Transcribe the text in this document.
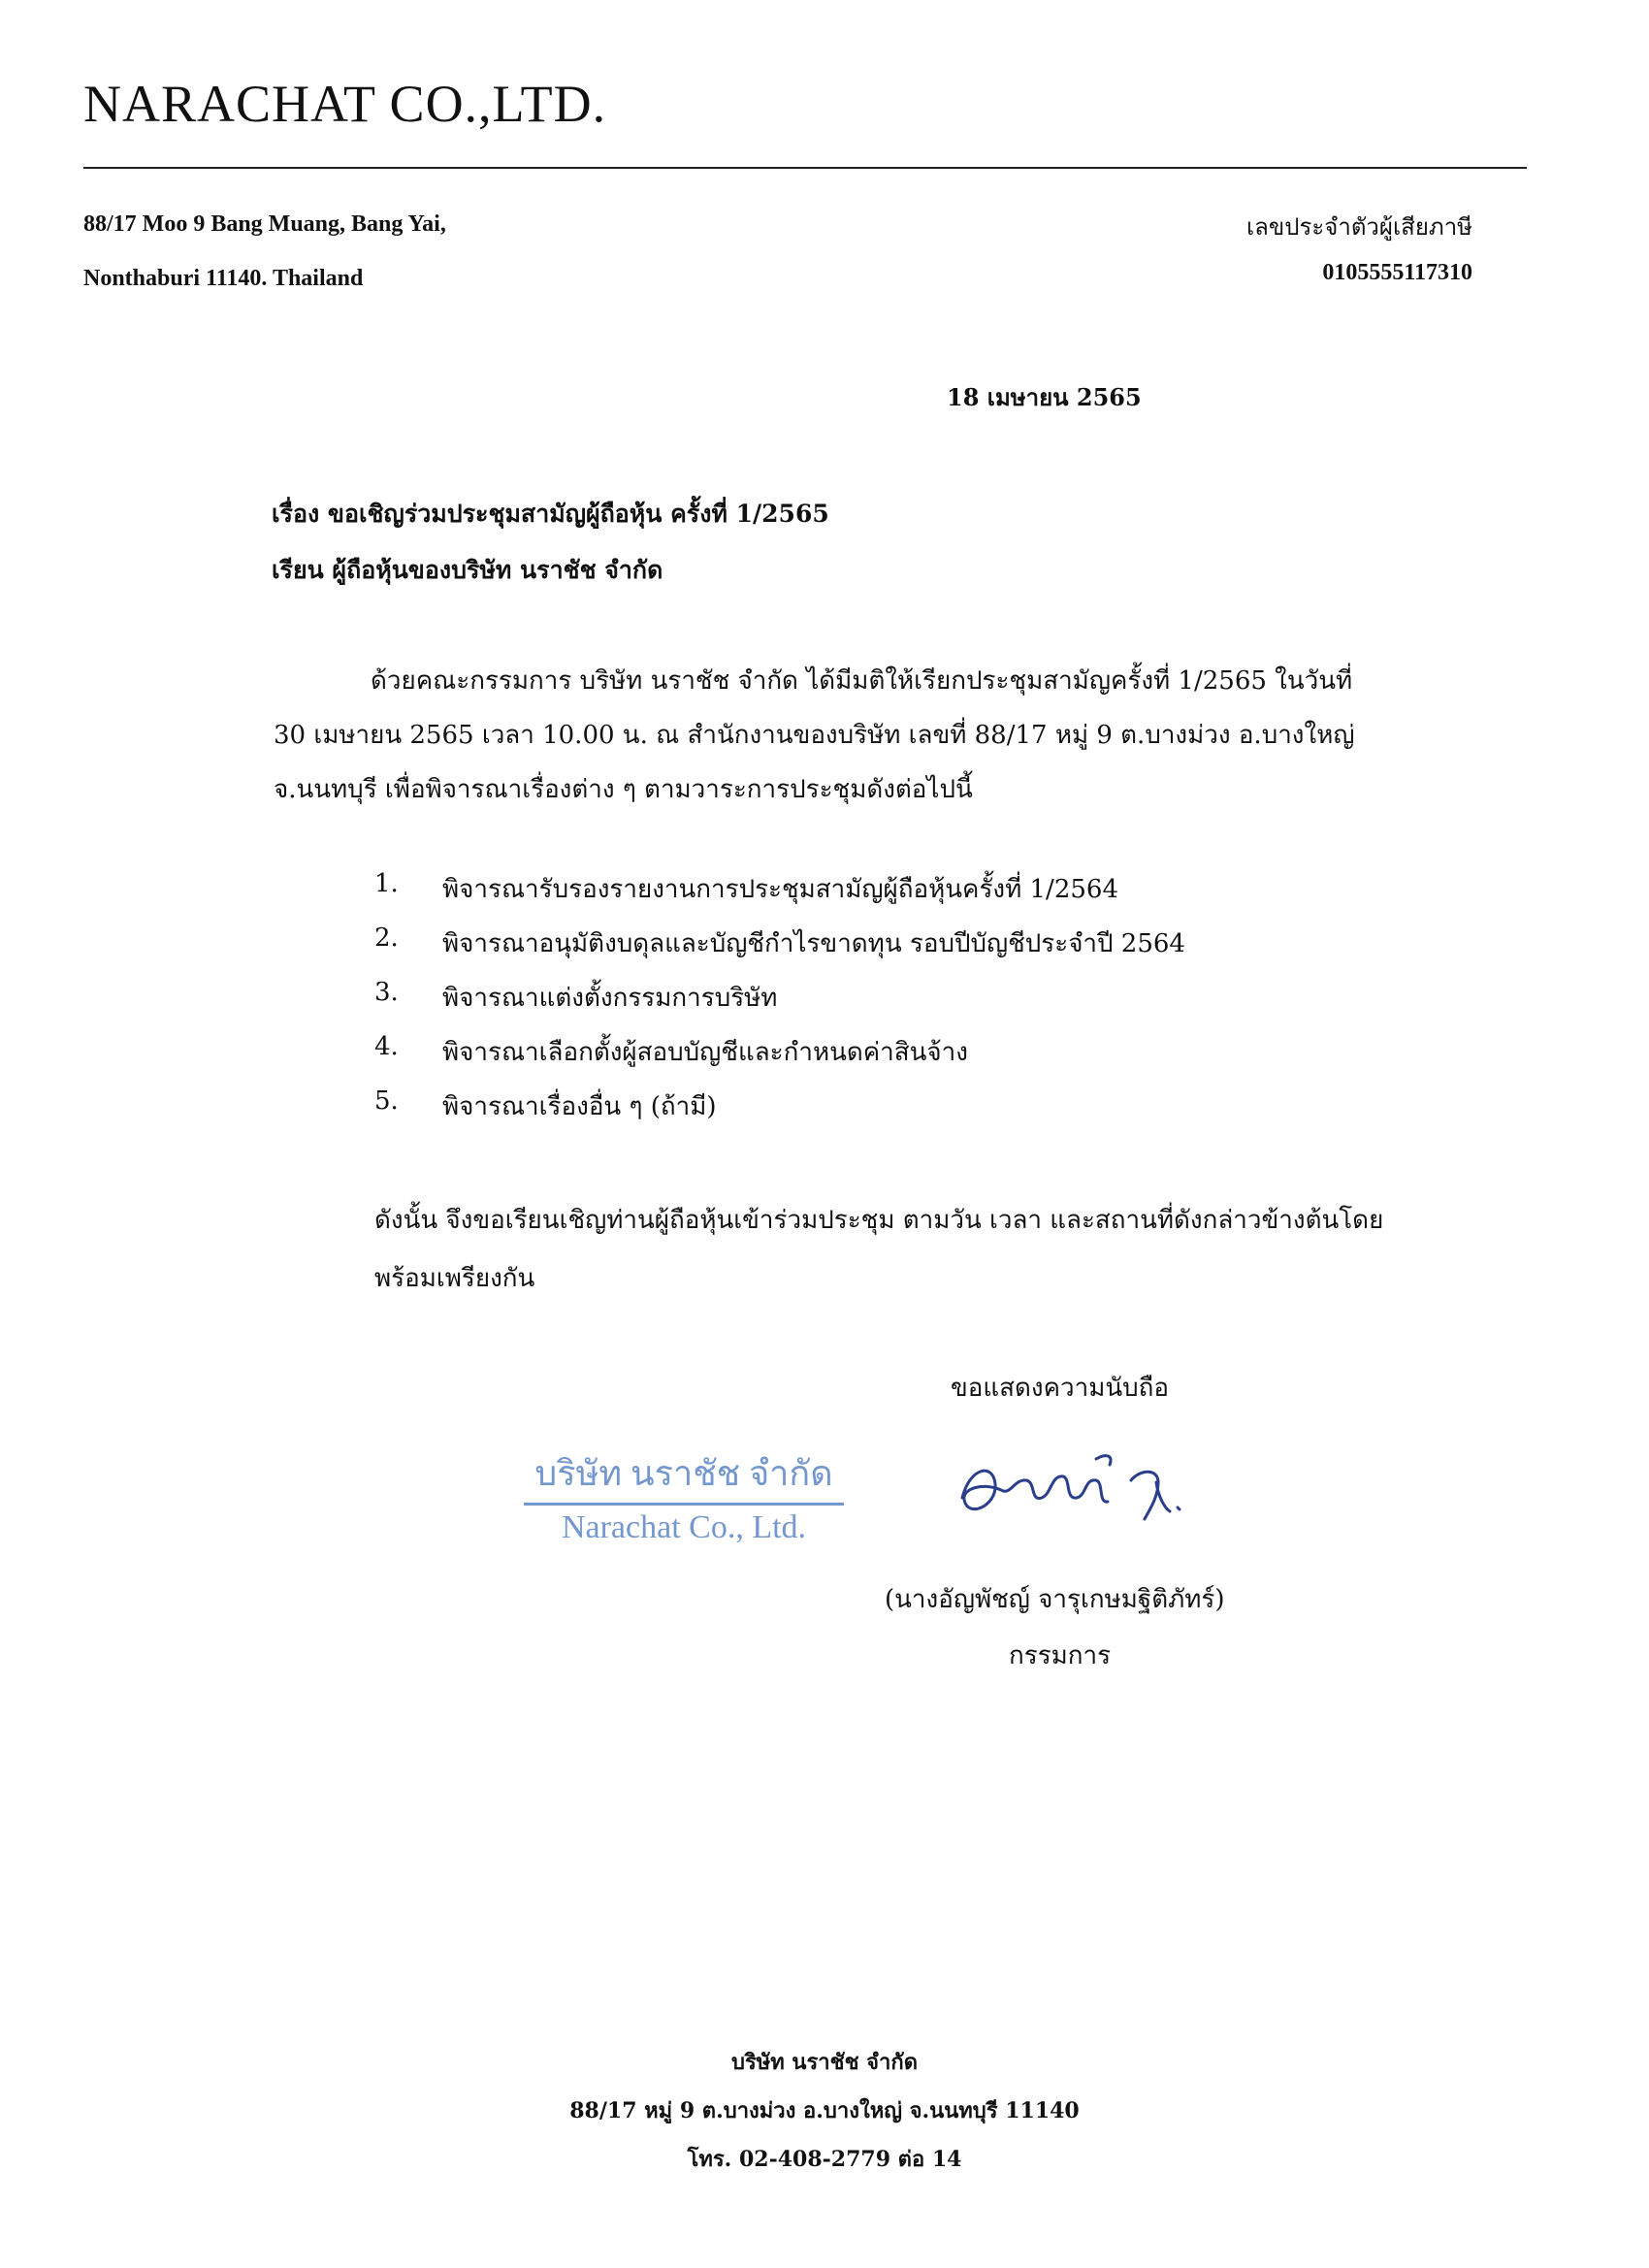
NARACHAT CO.,LTD.
88/17 Moo 9 Bang Muang, Bang Yai,
Nonthaburi 11140. Thailand
เลขประจำตัวผู้เสียภาษี
0105555117310
18 เมษายน 2565
เรื่อง ขอเชิญร่วมประชุมสามัญผู้ถือหุ้น ครั้งที่ 1/2565
เรียน ผู้ถือหุ้นของบริษัท นราชัช จำกัด
ด้วยคณะกรรมการ บริษัท นราชัช จำกัด ได้มีมติให้เรียกประชุมสามัญครั้งที่ 1/2565 ในวันที่
30 เมษายน 2565 เวลา 10.00 น. ณ สำนักงานของบริษัท เลขที่ 88/17 หมู่ 9 ต.บางม่วง อ.บางใหญ่
จ.นนทบุรี เพื่อพิจารณาเรื่องต่าง ๆ ตามวาระการประชุมดังต่อไปนี้
1.	พิจารณารับรองรายงานการประชุมสามัญผู้ถือหุ้นครั้งที่ 1/2564
2.	พิจารณาอนุมัติงบดุลและบัญชีกำไรขาดทุน รอบปีบัญชีประจำปี 2564
3.	พิจารณาแต่งตั้งกรรมการบริษัท
4.	พิจารณาเลือกตั้งผู้สอบบัญชีและกำหนดค่าสินจ้าง
5.	พิจารณาเรื่องอื่น ๆ (ถ้ามี)
ดังนั้น จึงขอเรียนเชิญท่านผู้ถือหุ้นเข้าร่วมประชุม ตามวัน เวลา และสถานที่ดังกล่าวข้างต้นโดย
พร้อมเพรียงกัน
ขอแสดงความนับถือ
บริษัท นราชัช จำกัด
Narachat Co., Ltd.
(นางอัญพัชญ์ จารุเกษมฐิติภัทร์)
กรรมการ
บริษัท นราชัช จำกัด
88/17 หมู่ 9 ต.บางม่วง อ.บางใหญ่ จ.นนทบุรี 11140
โทร. 02-408-2779 ต่อ 14
